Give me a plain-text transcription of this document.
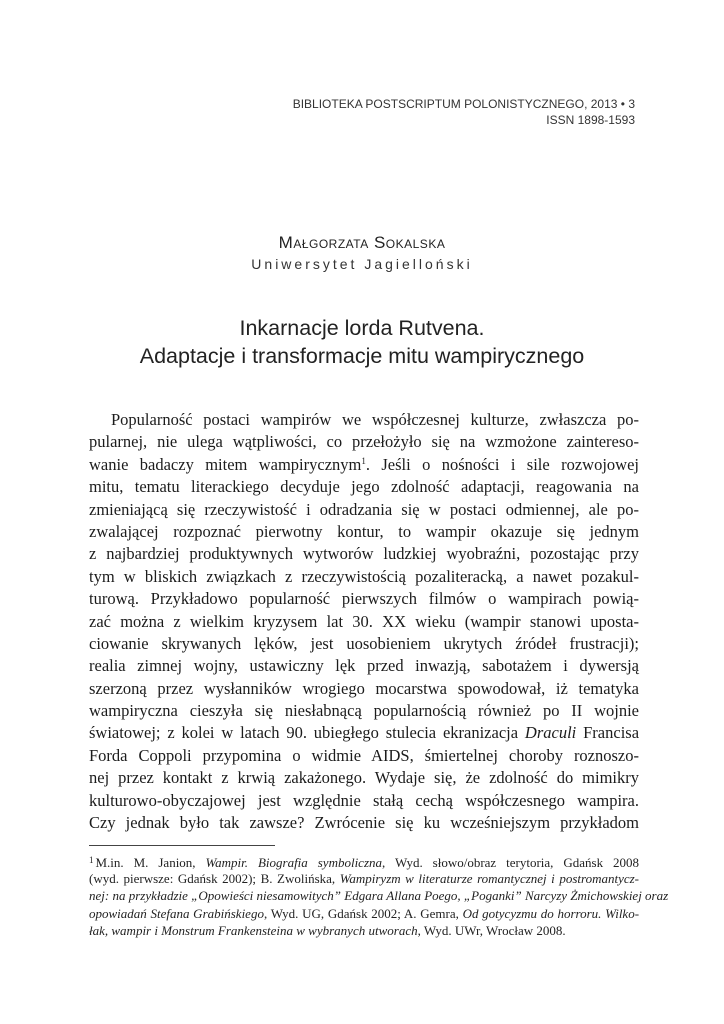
BIBLIOTEKA POSTSCRIPTUM POLONISTYCZNEGO, 2013 • 3
ISSN 1898-1593
Małgorzata Sokalska
Uniwersytet Jagielloński
Inkarnacje lorda Rutvena.
Adaptacje i transformacje mitu wampirycznego
Popularność postaci wampirów we współczesnej kulturze, zwłaszcza po-
pularnej, nie ulega wątpliwości, co przełożyło się na wzmożone zaintereso-
wanie badaczy mitem wampirycznym$^1$. Jeśli o nośności i sile rozwojowej
mitu, tematu literackiego decyduje jego zdolność adaptacji, reagowania na
zmieniającą się rzeczywistość i odradzania się w postaci odmiennej, ale po-
zwalającej rozpoznać pierwotny kontur, to wampir okazuje się jednym
z najbardziej produktywnych wytworów ludzkiej wyobraźni, pozostając przy
tym w bliskich związkach z rzeczywistością pozaliteracką, a nawet pozakul-
turową. Przykładowo popularność pierwszych filmów o wampirach powią-
zać można z wielkim kryzysem lat 30. XX wieku (wampir stanowi uposta-
ciowanie skrywanych lęków, jest uosobieniem ukrytych źródeł frustracji);
realia zimnej wojny, ustawiczny lęk przed inwazją, sabotażem i dywersją
szerzoną przez wysłanników wrogiego mocarstwa spowodował, iż tematyka
wampiryczna cieszyła się niesłabnącą popularnością również po II wojnie
światowej; z kolei w latach 90. ubiegłego stulecia ekranizacja Draculi Francisa
Forda Coppoli przypomina o widmie AIDS, śmiertelnej choroby roznoszo-
nej przez kontakt z krwią zakażonego. Wydaje się, że zdolność do mimikry
kulturowo-obyczajowej jest względnie stałą cechą współczesnego wampira.
Czy jednak było tak zawsze? Zwrócenie się ku wcześniejszym przykładom
$^1$ M.in. M. Janion, Wampir. Biografia symboliczna, Wyd. słowo/obraz terytoria, Gdańsk 2008
(wyd. pierwsze: Gdańsk 2002); B. Zwolińska, Wampiryzm w literaturze romantycznej i postromantycz-
nej: na przykładzie „Opowieści niesamowitych” Edgara Allana Poego, „Poganki” Narcyzy Żmichowskiej oraz
opowiadań Stefana Grabińskiego, Wyd. UG, Gdańsk 2002; A. Gemra, Od gotycyzmu do horroru. Wilko-
łak, wampir i Monstrum Frankensteina w wybranych utworach, Wyd. UWr, Wrocław 2008.
